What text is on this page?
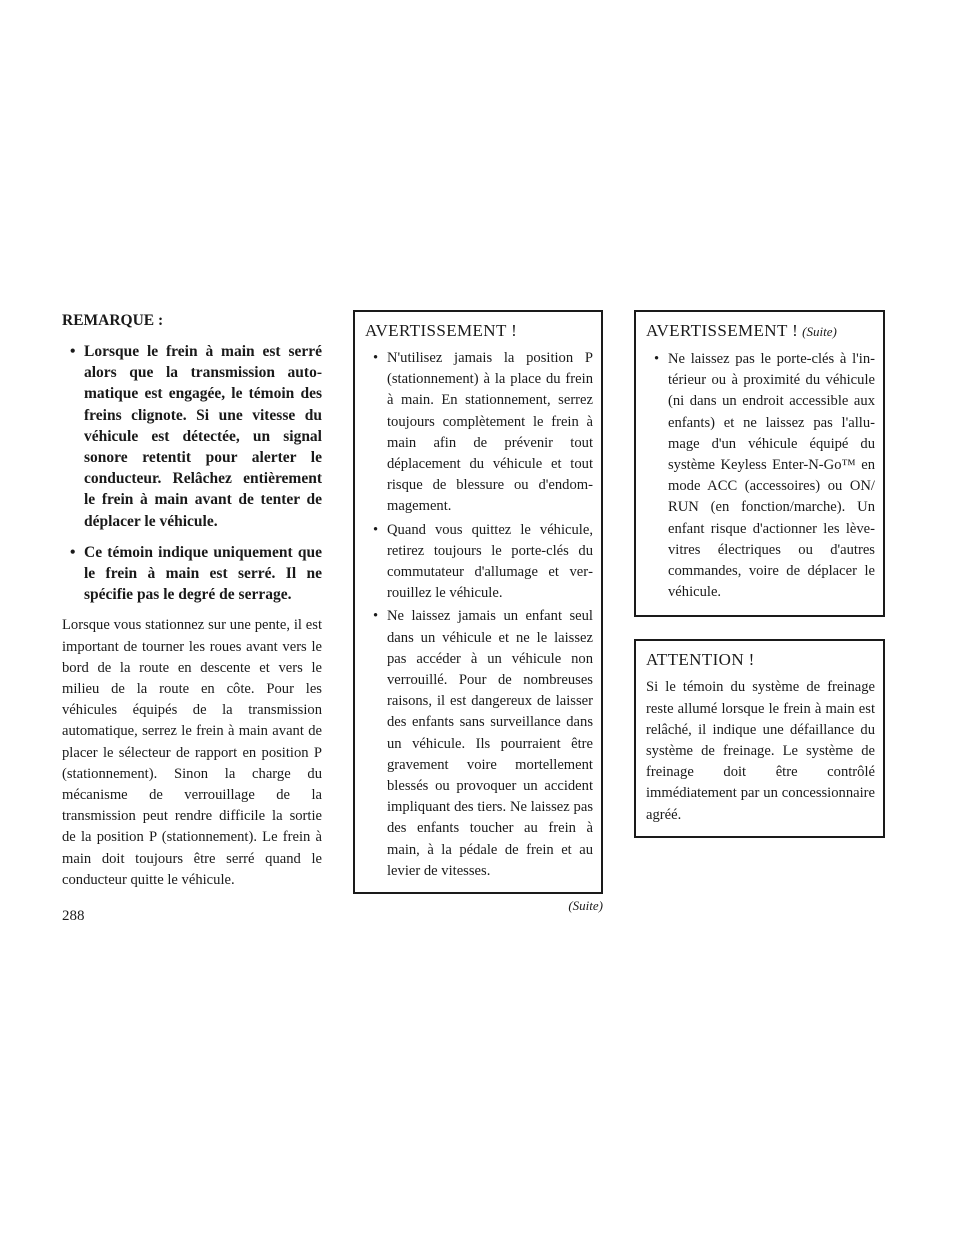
REMARQUE :

• Lorsque le frein à main est serré alors que la transmission automatique est engagée, le témoin des freins clignote. Si une vitesse du véhicule est détectée, un signal sonore retentit pour alerter le conducteur. Relâchez entièrement le frein à main avant de tenter de déplacer le véhicule.
• Ce témoin indique uniquement que le frein à main est serré. Il ne spécifie pas le degré de serrage.

Lorsque vous stationnez sur une pente, il est important de tourner les roues avant vers le bord de la route en descente et vers le milieu de la route en côte. Pour les véhicules équipés de la transmission automatique, serrez le frein à main avant de placer le sélecteur de rapport en position P (stationnement). Sinon la charge du mécanisme de verrouillage de la transmission peut rendre difficile la sortie de la position P (stationnement). Le frein à main doit toujours être serré quand le conducteur quitte le véhicule.

AVERTISSEMENT !

• N'utilisez jamais la position P (stationnement) à la place du frein à main. En stationnement, serrez toujours complètement le frein à main afin de prévenir tout déplacement du véhicule et tout risque de blessure ou d'endommagement.
• Quand vous quittez le véhicule, retirez toujours le porte-clés du commutateur d'allumage et verrouillez le véhicule.
• Ne laissez jamais un enfant seul dans un véhicule et ne le laissez pas accéder à un véhicule non verrouillé. Pour de nombreuses raisons, il est dangereux de laisser des enfants sans surveillance dans un véhicule. Ils pourraient être gravement voire mortellement blessés ou provoquer un accident impliquant des tiers. Ne laissez pas des enfants toucher au frein à main, à la pédale de frein et au levier de vitesses.
(Suite)

AVERTISSEMENT ! (Suite)

• Ne laissez pas le porte-clés à l'intérieur ou à proximité du véhicule (ni dans un endroit accessible aux enfants) et ne laissez pas l'allumage d'un véhicule équipé du système Keyless Enter-N-Go™ en mode ACC (accessoires) ou ON/ RUN (en fonction/marche). Un enfant risque d'actionner les lève-vitres électriques ou d'autres commandes, voire de déplacer le véhicule.

ATTENTION !

Si le témoin du système de freinage reste allumé lorsque le frein à main est relâché, il indique une défaillance du système de freinage. Le système de freinage doit être contrôlé immédiatement par un concessionnaire agréé.

288
